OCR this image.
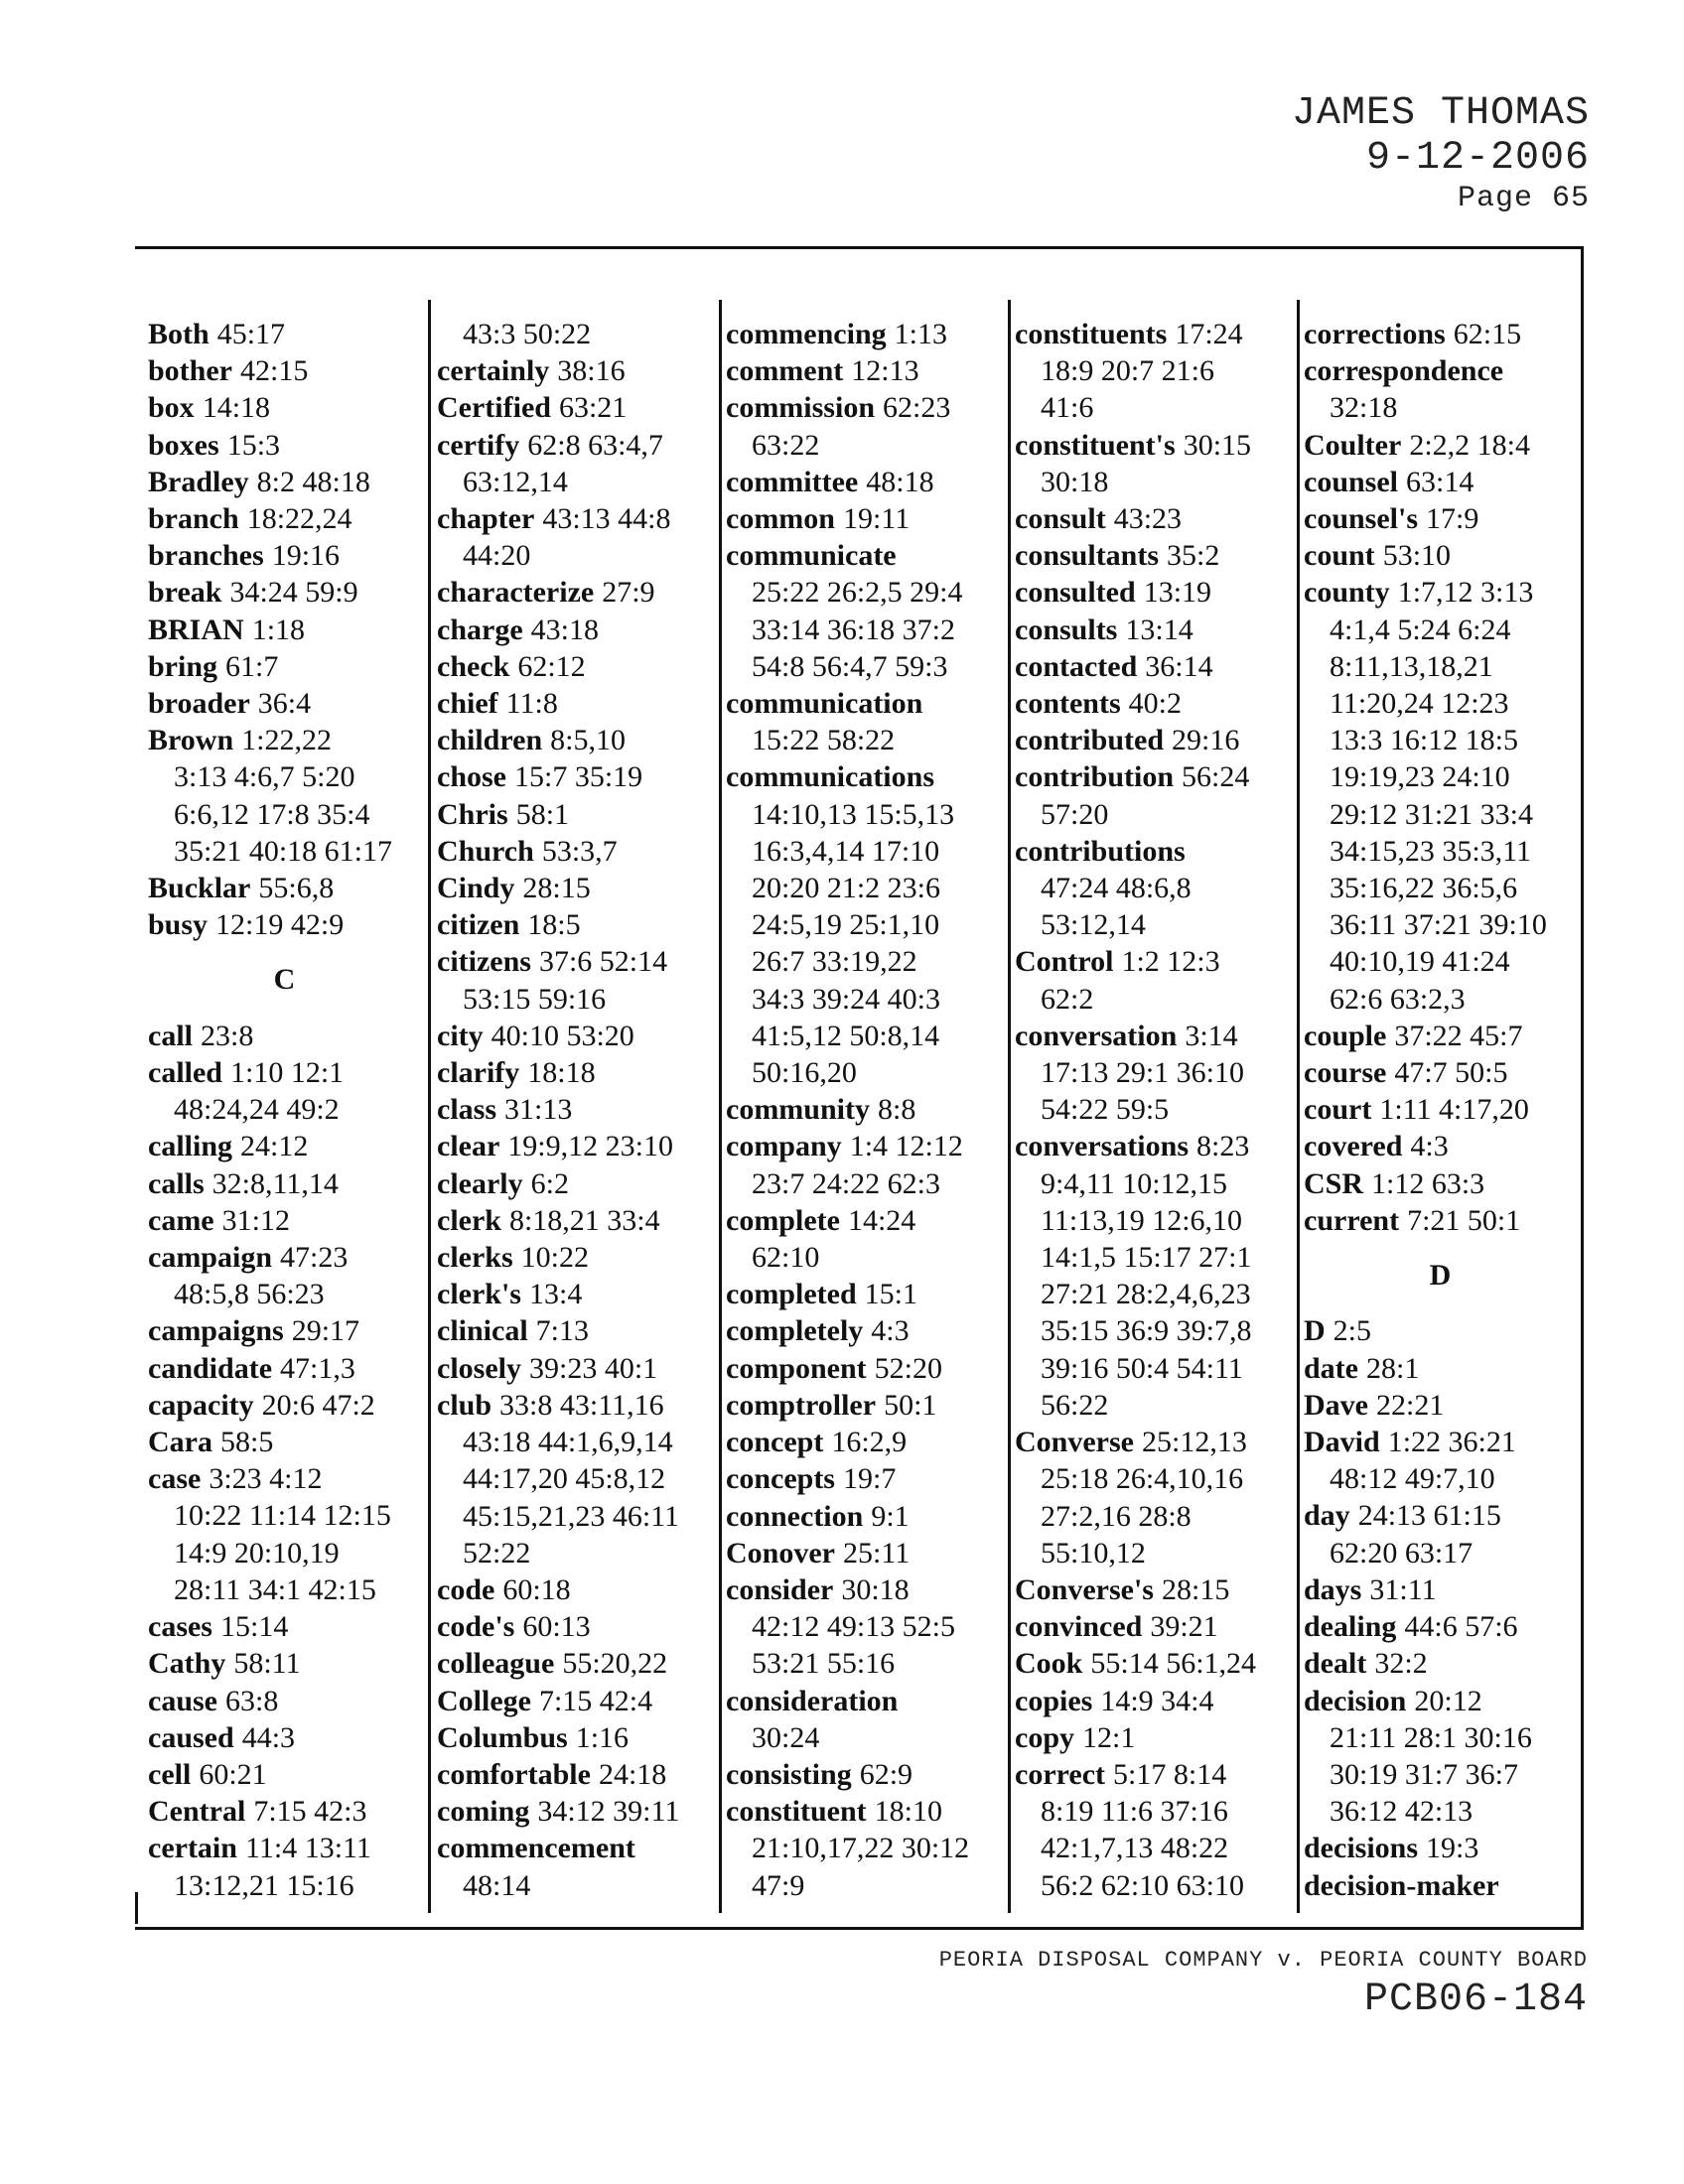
JAMES THOMAS
9-12-2006
Page 65
Both 45:17
bother 42:15
box 14:18
boxes 15:3
Bradley 8:2 48:18
branch 18:22,24
branches 19:16
break 34:24 59:9
BRIAN 1:18
bring 61:7
broader 36:4
Brown 1:22,22
3:13 4:6,7 5:20
6:6,12 17:8 35:4
35:21 40:18 61:17
Bucklar 55:6,8
busy 12:19 42:9
C
call 23:8
called 1:10 12:1
48:24,24 49:2
calling 24:12
calls 32:8,11,14
came 31:12
campaign 47:23
48:5,8 56:23
campaigns 29:17
candidate 47:1,3
capacity 20:6 47:2
Cara 58:5
case 3:23 4:12
10:22 11:14 12:15
14:9 20:10,19
28:11 34:1 42:15
cases 15:14
Cathy 58:11
cause 63:8
caused 44:3
cell 60:21
Central 7:15 42:3
certain 11:4 13:11
13:12,21 15:16
43:3 50:22
certainly 38:16
Certified 63:21
certify 62:8 63:4,7
63:12,14
chapter 43:13 44:8
44:20
characterize 27:9
charge 43:18
check 62:12
chief 11:8
children 8:5,10
chose 15:7 35:19
Chris 58:1
Church 53:3,7
Cindy 28:15
citizen 18:5
citizens 37:6 52:14
53:15 59:16
city 40:10 53:20
clarify 18:18
class 31:13
clear 19:9,12 23:10
clearly 6:2
clerk 8:18,21 33:4
clerks 10:22
clerk's 13:4
clinical 7:13
closely 39:23 40:1
club 33:8 43:11,16
43:18 44:1,6,9,14
44:17,20 45:8,12
45:15,21,23 46:11
52:22
code 60:18
code's 60:13
colleague 55:20,22
College 7:15 42:4
Columbus 1:16
comfortable 24:18
coming 34:12 39:11
commencement
48:14
commencing 1:13
comment 12:13
commission 62:23
63:22
committee 48:18
common 19:11
communicate
25:22 26:2,5 29:4
33:14 36:18 37:2
54:8 56:4,7 59:3
communication
15:22 58:22
communications
14:10,13 15:5,13
16:3,4,14 17:10
20:20 21:2 23:6
24:5,19 25:1,10
26:7 33:19,22
34:3 39:24 40:3
41:5,12 50:8,14
50:16,20
community 8:8
company 1:4 12:12
23:7 24:22 62:3
complete 14:24
62:10
completed 15:1
completely 4:3
component 52:20
comptroller 50:1
concept 16:2,9
concepts 19:7
connection 9:1
Conover 25:11
consider 30:18
42:12 49:13 52:5
53:21 55:16
consideration
30:24
consisting 62:9
constituent 18:10
21:10,17,22 30:12
47:9
constituents 17:24
18:9 20:7 21:6
41:6
constituent's 30:15
30:18
consult 43:23
consultants 35:2
consulted 13:19
consults 13:14
contacted 36:14
contents 40:2
contributed 29:16
contribution 56:24
57:20
contributions
47:24 48:6,8
53:12,14
Control 1:2 12:3
62:2
conversation 3:14
17:13 29:1 36:10
54:22 59:5
conversations 8:23
9:4,11 10:12,15
11:13,19 12:6,10
14:1,5 15:17 27:1
27:21 28:2,4,6,23
35:15 36:9 39:7,8
39:16 50:4 54:11
56:22
Converse 25:12,13
25:18 26:4,10,16
27:2,16 28:8
55:10,12
Converse's 28:15
convinced 39:21
Cook 55:14 56:1,24
copies 14:9 34:4
copy 12:1
correct 5:17 8:14
8:19 11:6 37:16
42:1,7,13 48:22
56:2 62:10 63:10
corrections 62:15
correspondence
32:18
Coulter 2:2,2 18:4
counsel 63:14
counsel's 17:9
count 53:10
county 1:7,12 3:13
4:1,4 5:24 6:24
8:11,13,18,21
11:20,24 12:23
13:3 16:12 18:5
19:19,23 24:10
29:12 31:21 33:4
34:15,23 35:3,11
35:16,22 36:5,6
36:11 37:21 39:10
40:10,19 41:24
62:6 63:2,3
couple 37:22 45:7
course 47:7 50:5
court 1:11 4:17,20
covered 4:3
CSR 1:12 63:3
current 7:21 50:1
D
D 2:5
date 28:1
Dave 22:21
David 1:22 36:21
48:12 49:7,10
day 24:13 61:15
62:20 63:17
days 31:11
dealing 44:6 57:6
dealt 32:2
decision 20:12
21:11 28:1 30:16
30:19 31:7 36:7
36:12 42:13
decisions 19:3
decision-maker
PEORIA DISPOSAL COMPANY v. PEORIA COUNTY BOARD
PCB06-184
